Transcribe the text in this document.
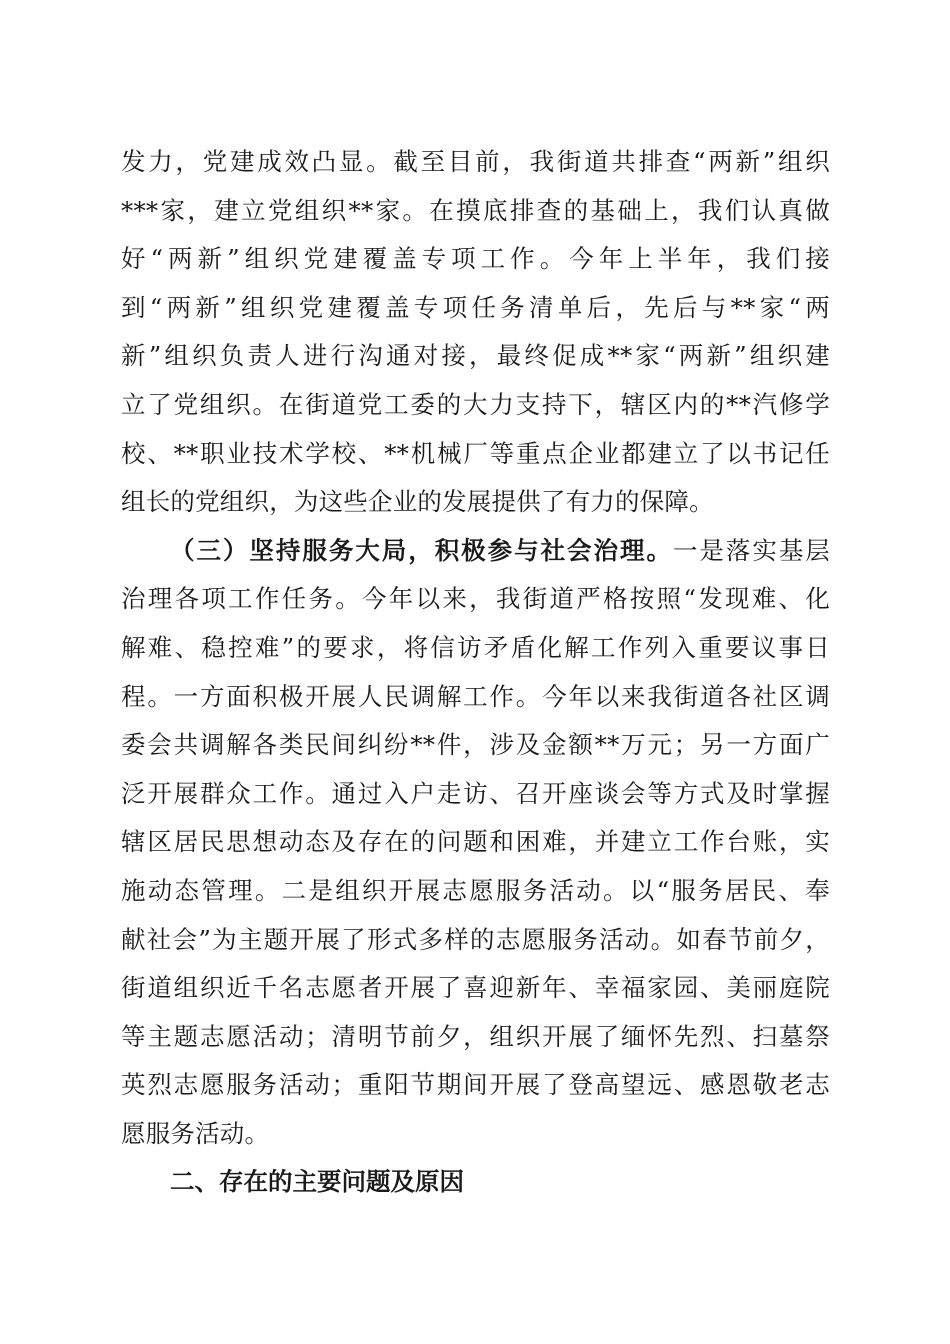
发力，党建成效凸显。截至目前，我街道共排查“两新”组织
***家，建立党组织**家。在摸底排查的基础上，我们认真做
好“两新”组织党建覆盖专项工作。今年上半年，我们接
到“两新”组织党建覆盖专项任务清单后，先后与**家“两
新”组织负责人进行沟通对接，最终促成**家“两新”组织建
立了党组织。在街道党工委的大力支持下，辖区内的**汽修学
校、**职业技术学校、**机械厂等重点企业都建立了以书记任
组长的党组织，为这些企业的发展提供了有力的保障。

（三）坚持服务大局，积极参与社会治理。一是落实基层
治理各项工作任务。今年以来，我街道严格按照“发现难、化
解难、稳控难”的要求，将信访矛盾化解工作列入重要议事日
程。一方面积极开展人民调解工作。今年以来我街道各社区调
委会共调解各类民间纠纷**件，涉及金额**万元；另一方面广
泛开展群众工作。通过入户走访、召开座谈会等方式及时掌握
辖区居民思想动态及存在的问题和困难，并建立工作台账，实
施动态管理。二是组织开展志愿服务活动。以“服务居民、奉
献社会”为主题开展了形式多样的志愿服务活动。如春节前夕，
街道组织近千名志愿者开展了喜迎新年、幸福家园、美丽庭院
等主题志愿活动；清明节前夕，组织开展了缅怀先烈、扫墓祭
英烈志愿服务活动；重阳节期间开展了登高望远、感恩敬老志
愿服务活动。

二、存在的主要问题及原因
